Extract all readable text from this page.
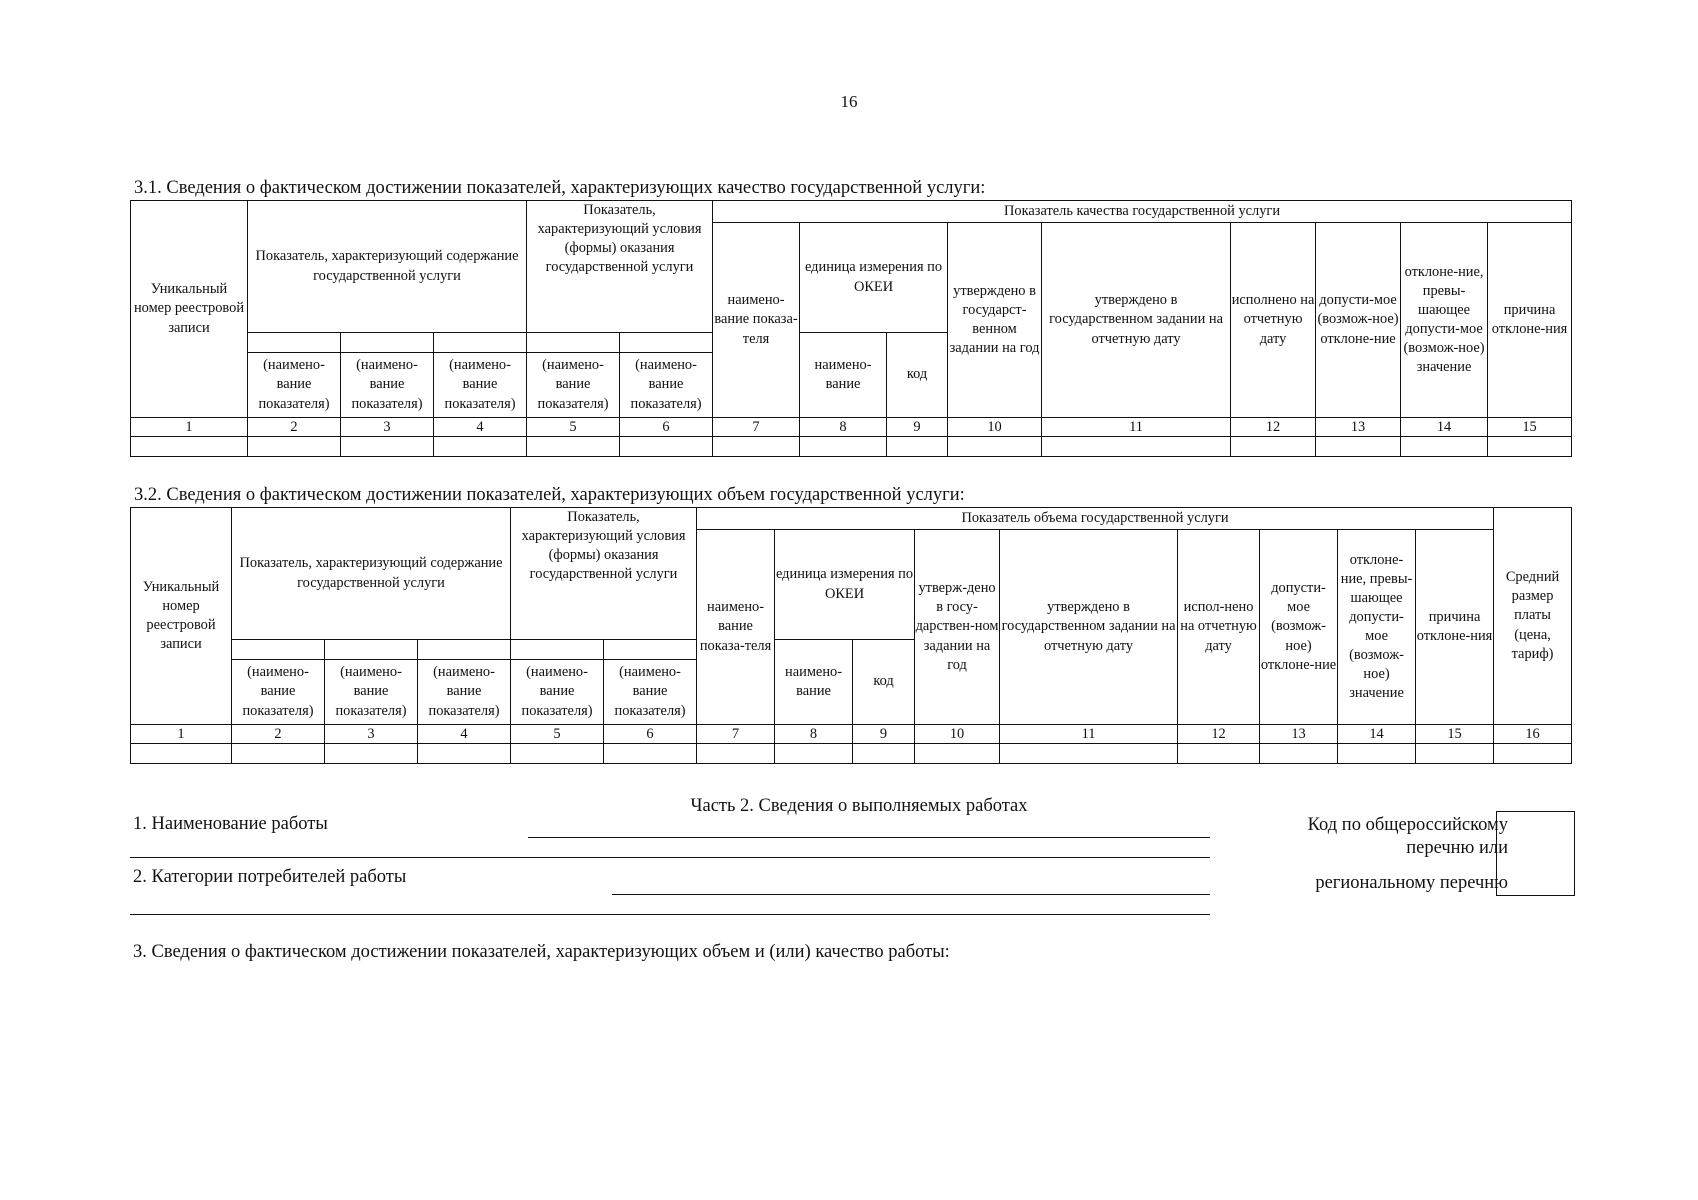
16
3.1. Сведения о фактическом достижении показателей, характеризующих качество государственной услуги:
Уникальный номер реестровой записи	Показатель, характеризующий содержание государственной услуги			Показатель, характеризующий условия (формы) оказания государственной услуги		Показатель качества государственной услуги								
						наимено-вание показа-теля	единица измерения по ОКЕИ		утверждено в государст-венном задании на год	утверждено в государственном задании на отчетную дату	исполнено на отчетную дату	допусти-мое (возмож-ное) отклоне-ние	отклоне-ние, превы-шающее допусти-мое (возмож-ное) значение	причина отклоне-ния
							наимено-вание	код						
	(наимено-вание показателя)	(наимено-вание показателя)	(наимено-вание показателя)	(наимено-вание показателя)	(наимено-вание показателя)									
1	2	3	4	5	6	7	8	9	10	11	12	13	14	15

3.2. Сведения о фактическом достижении показателей, характеризующих объем государственной услуги:
Уникальный номер реестровой записи	Показатель, характеризующий содержание государственной услуги			Показатель, характеризующий условия (формы) оказания государственной услуги		Показатель объема государственной услуги									Средний размер платы (цена, тариф)
						наимено-вание показа-теля	единица измерения по ОКЕИ		утверж-дено в госу-дарствен-ном задании на год	утверждено в государственном задании на отчетную дату	испол-нено на отчетную дату	допусти-мое (возмож-ное) отклоне-ние	отклоне-ние, превы-шающее допусти-мое (возмож-ное) значение	причина отклоне-ния	
							наимено-вание	код							
	(наимено-вание показателя)	(наимено-вание показателя)	(наимено-вание показателя)	(наимено-вание показателя)	(наимено-вание показателя)										
1	2	3	4	5	6	7	8	9	10	11	12	13	14	15	16

Часть 2. Сведения о выполняемых работах
1. Наименование работы
2. Категории потребителей работы
Код по общероссийскому
перечню или
региональному перечню
3. Сведения о фактическом достижении показателей, характеризующих объем и (или) качество работы:
